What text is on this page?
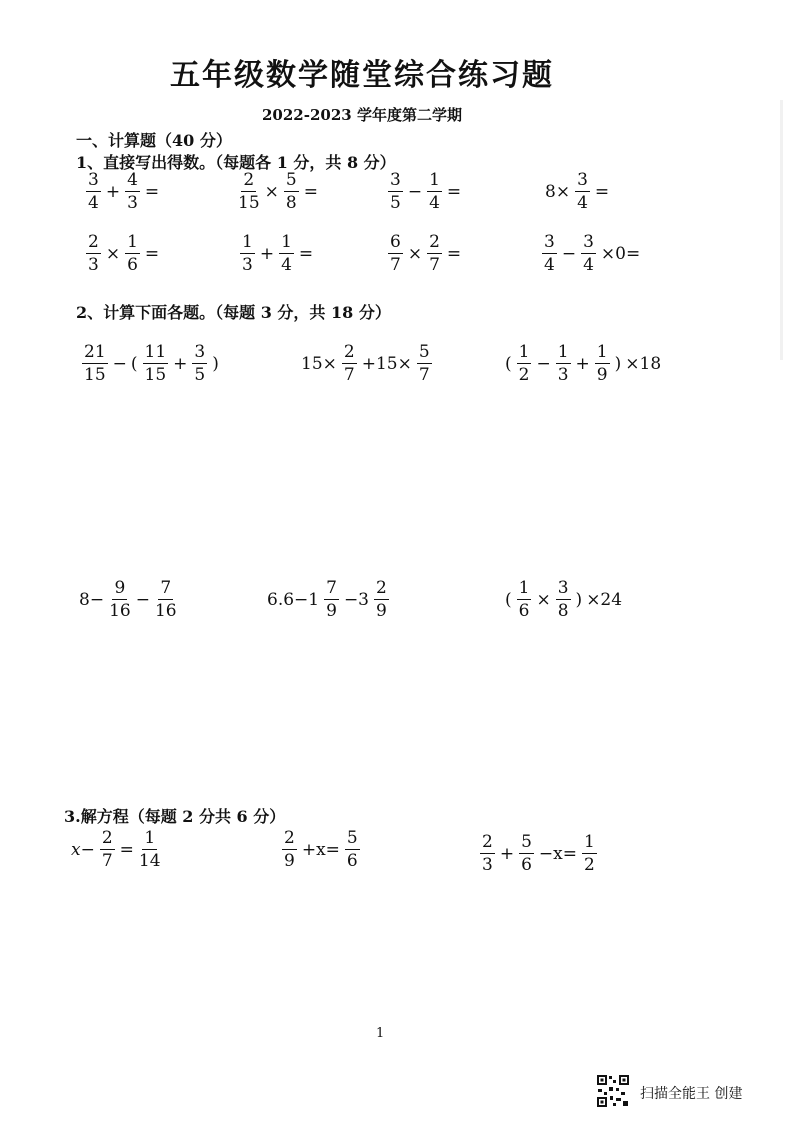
五年级数学随堂综合练习题
2022-2023 学年度第二学期
一、计算题（40 分）
1、直接写出得数。（每题各 1 分，共 8 分）
$\frac{3}{4} + \frac{4}{3}$ =	$\frac{2}{15} \times \frac{5}{8}$ =	$\frac{3}{5} - \frac{1}{4}$ =	$8\times \frac{3}{4}$ =
$\frac{2}{3} \times \frac{1}{6}$ =	$\frac{1}{3} + \frac{1}{4}$ =	$\frac{6}{7} \times \frac{2}{7}$ =	$\frac{3}{4} - \frac{3}{4} \times 0=$
2、计算下面各题。（每题 3 分，共 18 分）
$\frac{21}{15}$ − ( $\frac{11}{15} + \frac{3}{5}$ )	$15\times \frac{2}{7} +15\times \frac{5}{7}$	( $\frac{1}{2} - \frac{1}{3} + \frac{1}{9}$ ) ×18
$8- \frac{9}{16} - \frac{7}{16}$	$6.6-1 \frac{7}{9} -3 \frac{2}{9}$	( $\frac{1}{6} \times \frac{3}{8}$ ) ×24
3.解方程（每题 2 分共 6 分）
$x- \frac{2}{7} = \frac{1}{14}$	$\frac{2}{9} +x= \frac{5}{6}$	$\frac{2}{3} + \frac{5}{6} -x= \frac{1}{2}$
1
扫描全能王 创建
